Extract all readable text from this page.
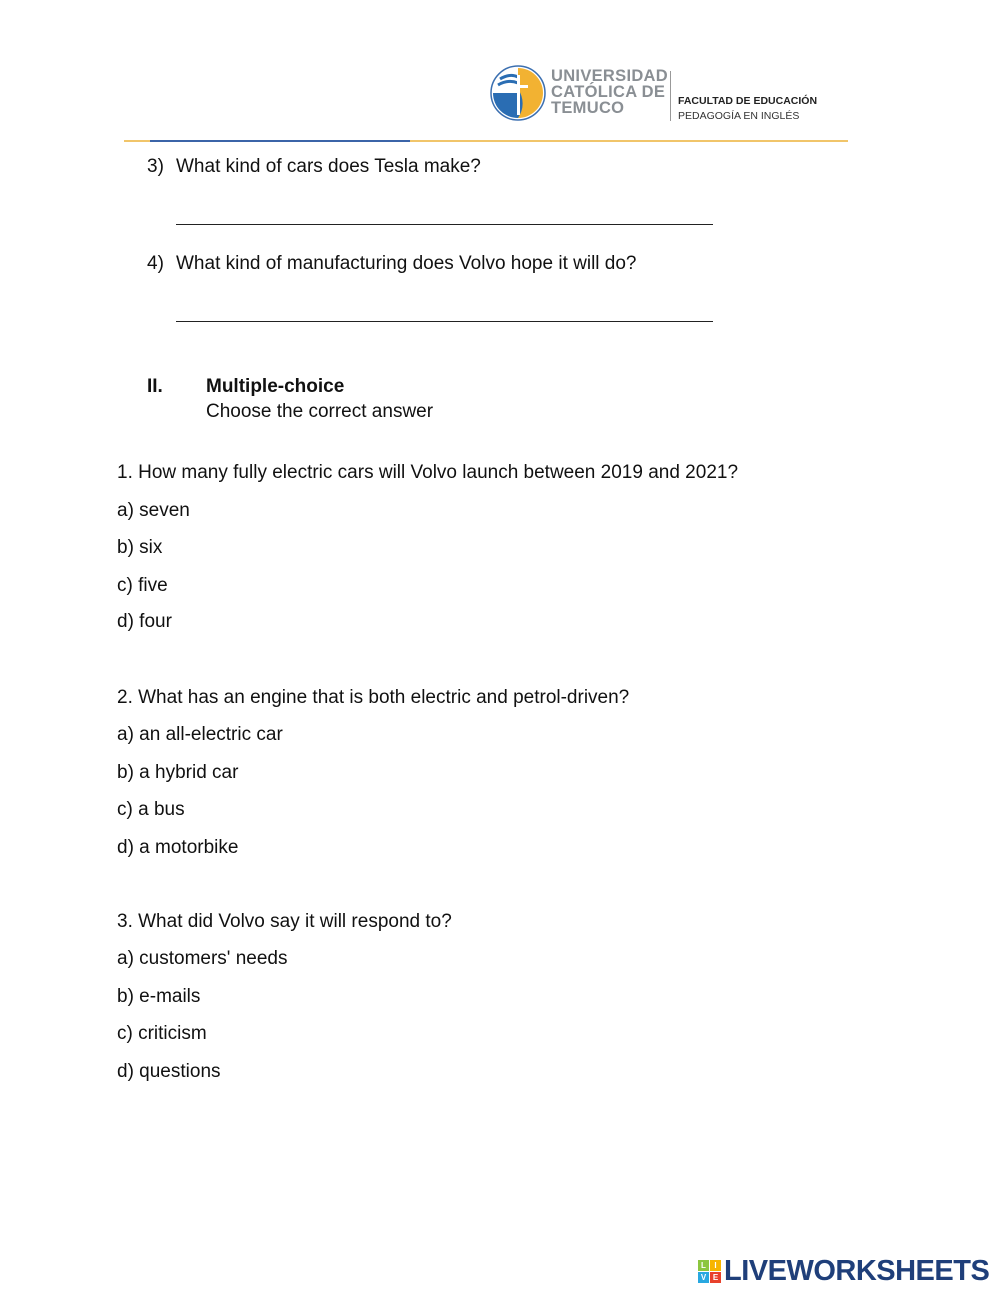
UNIVERSIDAD
CATÓLICA DE
TEMUCO	FACULTAD DE EDUCACIÓN
PEDAGOGÍA EN INGLÉS
3) What kind of cars does Tesla make?
4) What kind of manufacturing does Volvo hope it will do?
II. Multiple-choice
Choose the correct answer
1. How many fully electric cars will Volvo launch between 2019 and 2021?
a) seven
b) six
c) five
d) four
2. What has an engine that is both electric and petrol-driven?
a) an all-electric car
b) a hybrid car
c) a bus
d) a motorbike
3. What did Volvo say it will respond to?
a) customers' needs
b) e-mails
c) criticism
d) questions
L	I
V E LIVEWORKSHEETS
